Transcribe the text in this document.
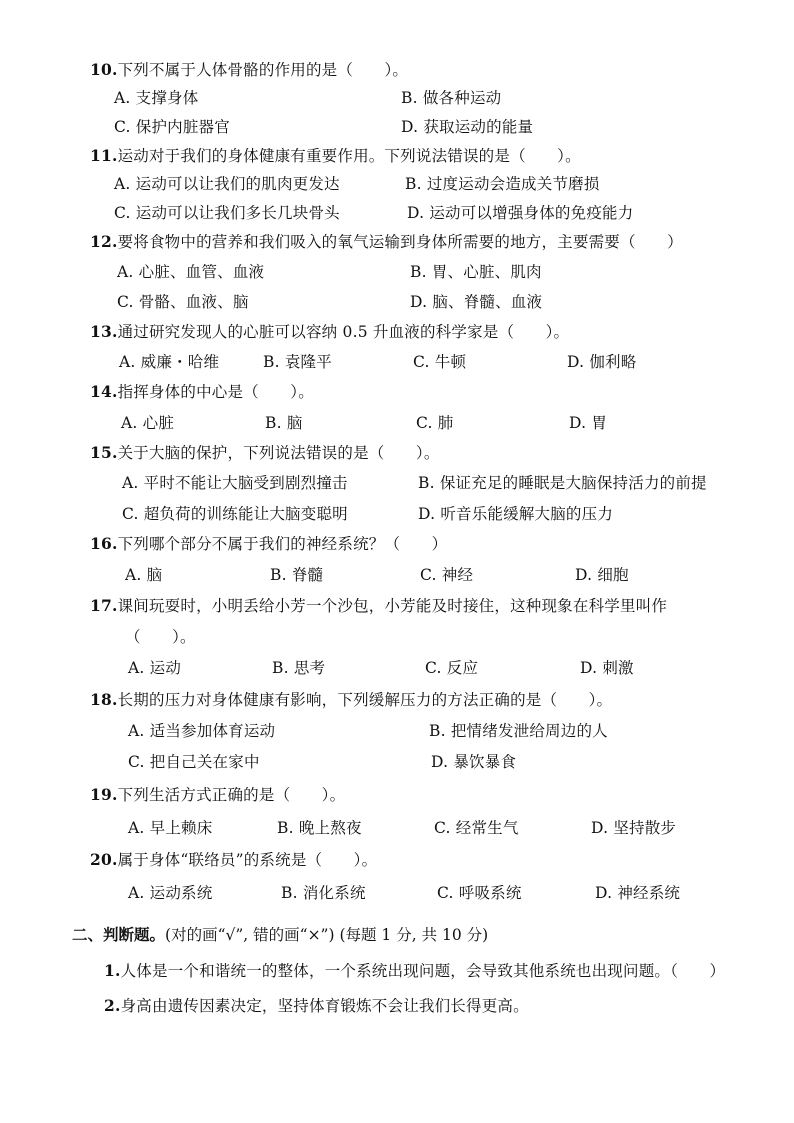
10.下列不属于人体骨骼的作用的是（　　）。
A. 支撑身体	B. 做各种运动
C. 保护内脏器官	D. 获取运动的能量
11.运动对于我们的身体健康有重要作用。下列说法错误的是（　　）。
A. 运动可以让我们的肌肉更发达	B. 过度运动会造成关节磨损
C. 运动可以让我们多长几块骨头	D. 运动可以增强身体的免疫能力
12.要将食物中的营养和我们吸入的氧气运输到身体所需要的地方，主要需要（　　）
A. 心脏、血管、血液	B. 胃、心脏、肌肉
C. 骨骼、血液、脑	D. 脑、脊髓、血液
13.通过研究发现人的心脏可以容纳 0.5 升血液的科学家是（　　）。
A. 威廉・哈维	B. 袁隆平	C. 牛顿	D. 伽利略
14.指挥身体的中心是（　　）。
A. 心脏	B. 脑	C. 肺	D. 胃
15.关于大脑的保护，下列说法错误的是（　　）。
A. 平时不能让大脑受到剧烈撞击	B. 保证充足的睡眠是大脑保持活力的前提
C. 超负荷的训练能让大脑变聪明	D. 听音乐能缓解大脑的压力
16.下列哪个部分不属于我们的神经系统？（　　）
A. 脑	B. 脊髓	C. 神经	D. 细胞
17.课间玩耍时，小明丢给小芳一个沙包，小芳能及时接住，这种现象在科学里叫作
（　　）。
A. 运动	B. 思考	C. 反应	D. 刺激
18.长期的压力对身体健康有影响，下列缓解压力的方法正确的是（　　）。
A. 适当参加体育运动	B. 把情绪发泄给周边的人
C. 把自己关在家中	D. 暴饮暴食
19.下列生活方式正确的是（　　）。
A. 早上赖床	B. 晚上熬夜	C. 经常生气	D. 坚持散步
20.属于身体“联络员”的系统是（　　）。
A. 运动系统	B. 消化系统	C. 呼吸系统	D. 神经系统
二、判断题。(对的画“√”, 错的画“×”) (每题 1 分, 共 10 分)
1.人体是一个和谐统一的整体，一个系统出现问题，会导致其他系统也出现问题。（　　）
2.身高由遗传因素决定，坚持体育锻炼不会让我们长得更高。
